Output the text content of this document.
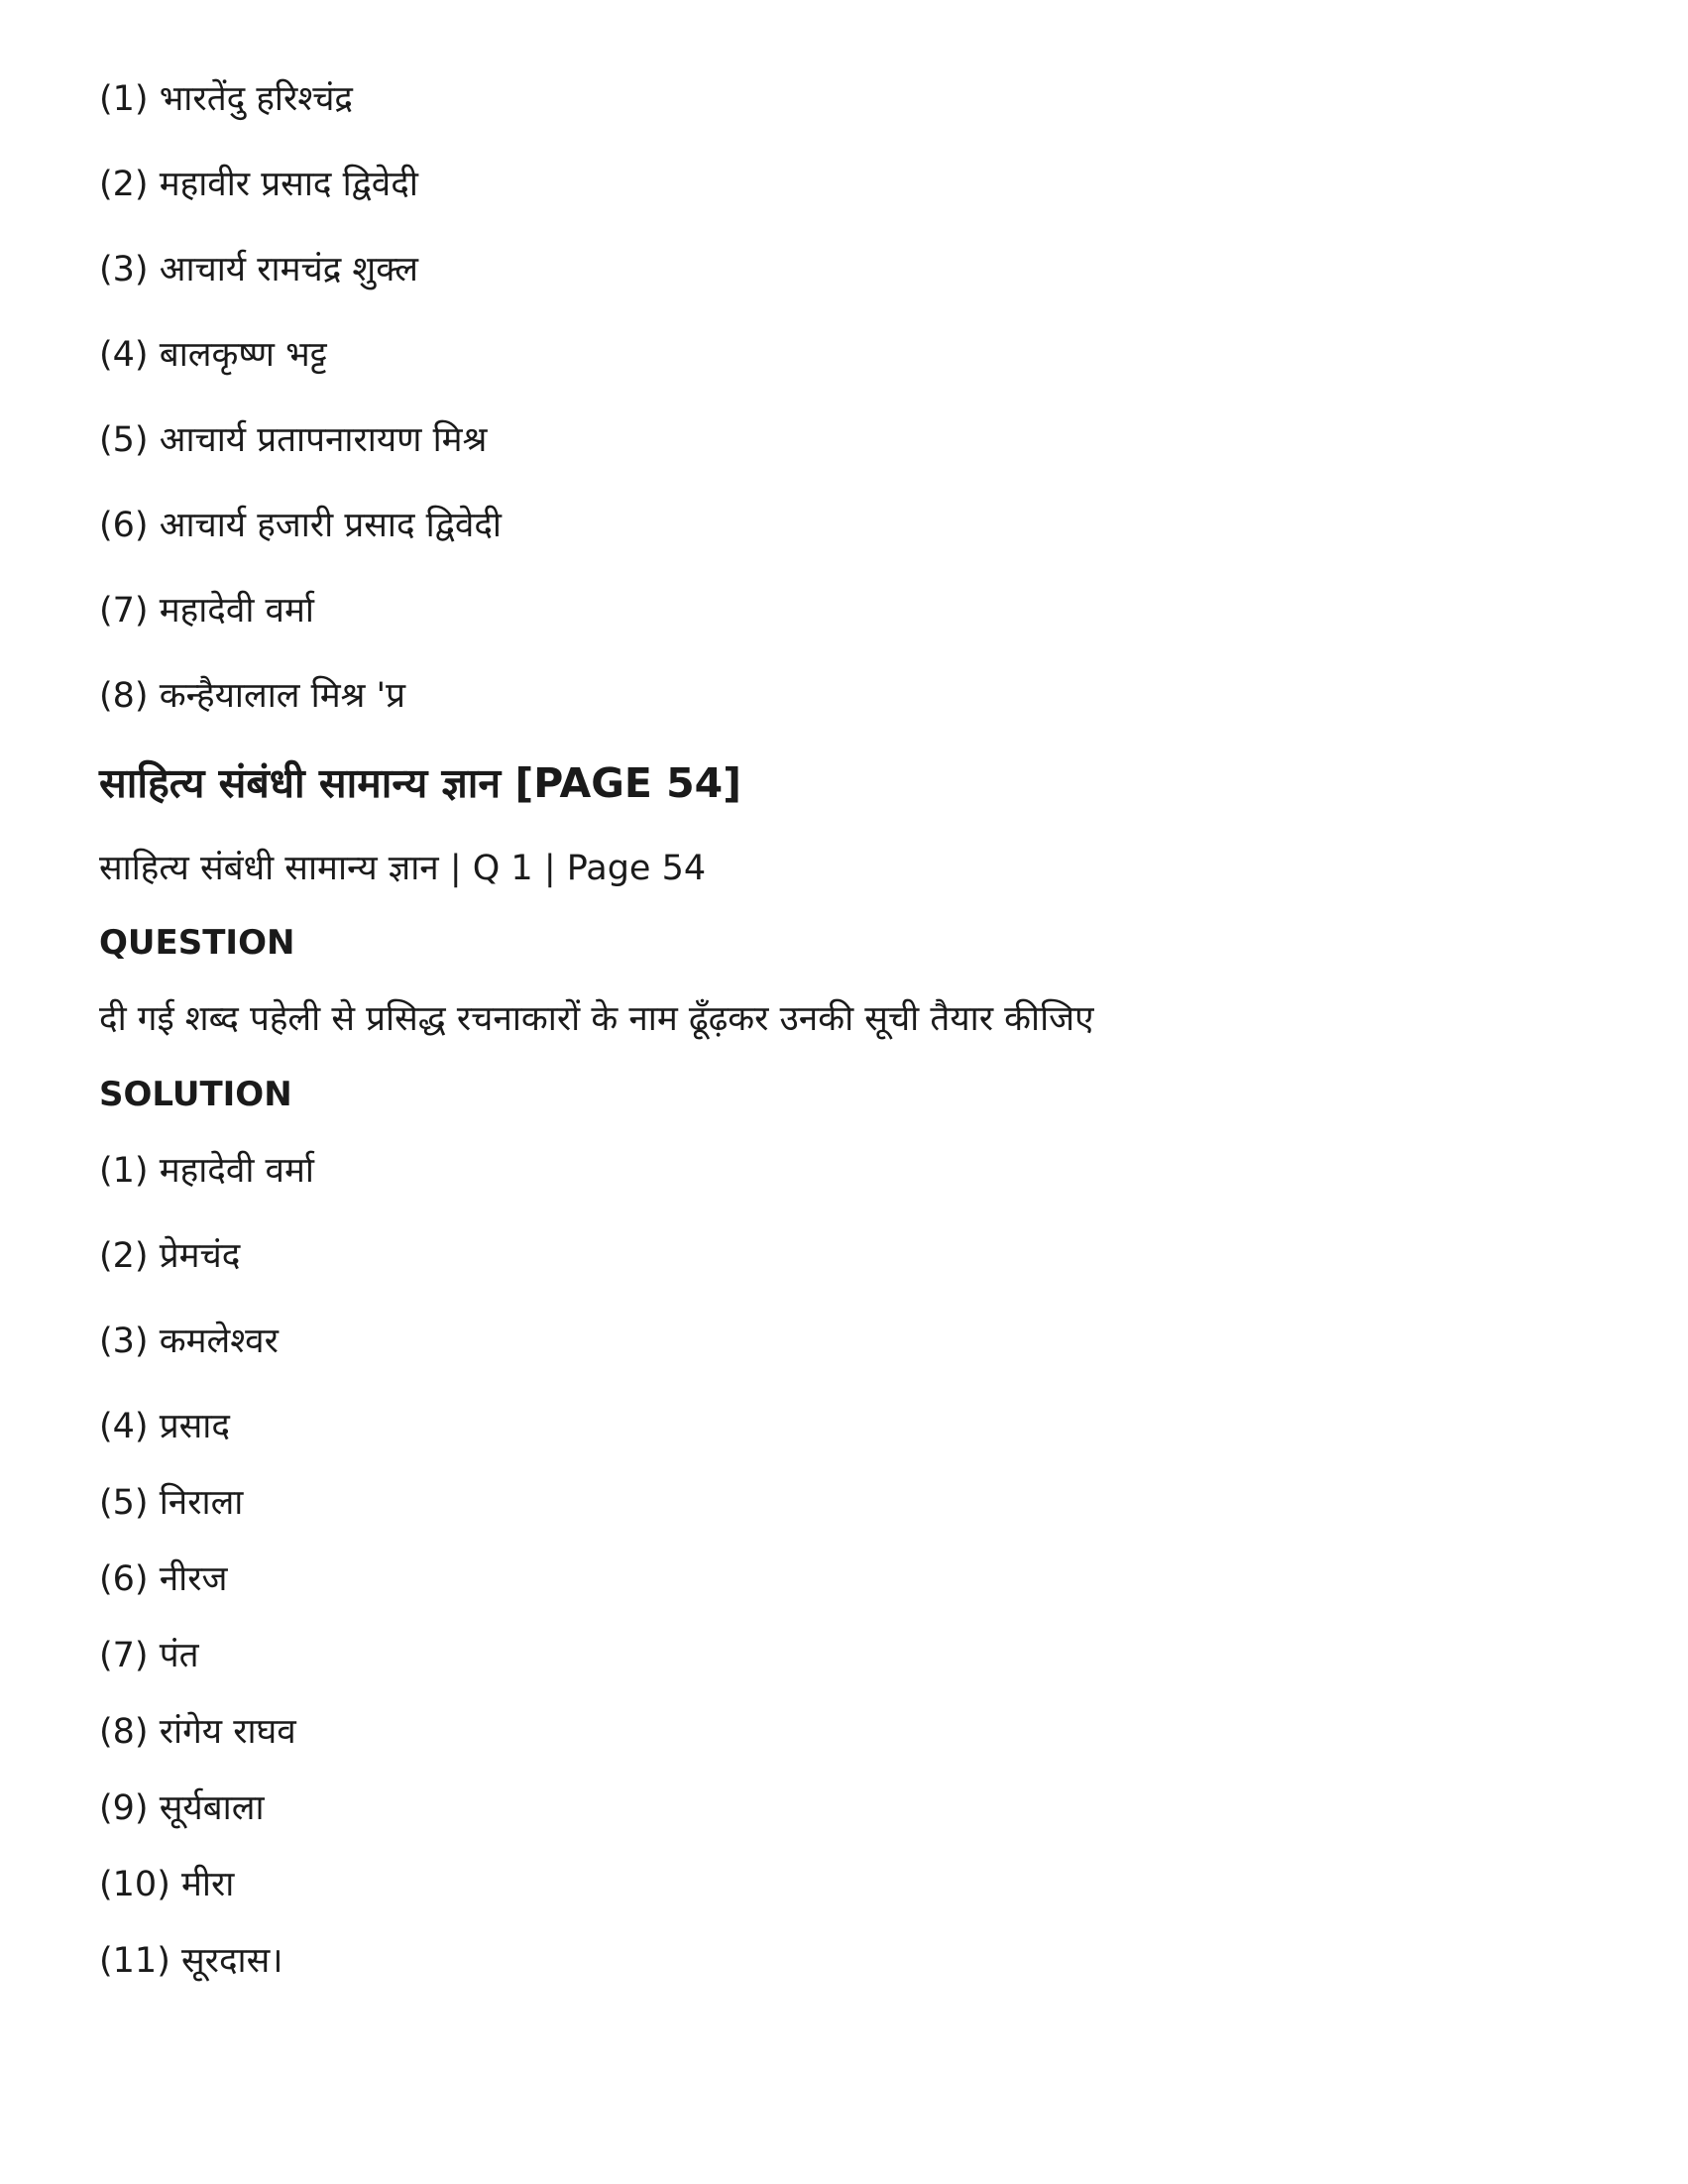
(1) भारतेंदु हरिश्चंद्र
(2) महावीर प्रसाद द्विवेदी
(3) आचार्य रामचंद्र शुक्ल
(4) बालकृष्ण भट्ट
(5) आचार्य प्रतापनारायण मिश्र
(6) आचार्य हजारी प्रसाद द्विवेदी
(7) महादेवी वर्मा
(8) कन्हैयालाल मिश्र 'प्र
साहित्य संबंधी सामान्य ज्ञान [PAGE 54]
साहित्य संबंधी सामान्य ज्ञान | Q 1 | Page 54
QUESTION
दी गई शब्द पहेली से प्रसिद्ध रचनाकारों के नाम ढूँढ़कर उनकी सूची तैयार कीजिए
SOLUTION
(1) महादेवी वर्मा
(2) प्रेमचंद
(3) कमलेश्वर
(4) प्रसाद
(5) निराला
(6) नीरज
(7) पंत
(8) रांगेय राघव
(9) सूर्यबाला
(10) मीरा
(11) सूरदास।
